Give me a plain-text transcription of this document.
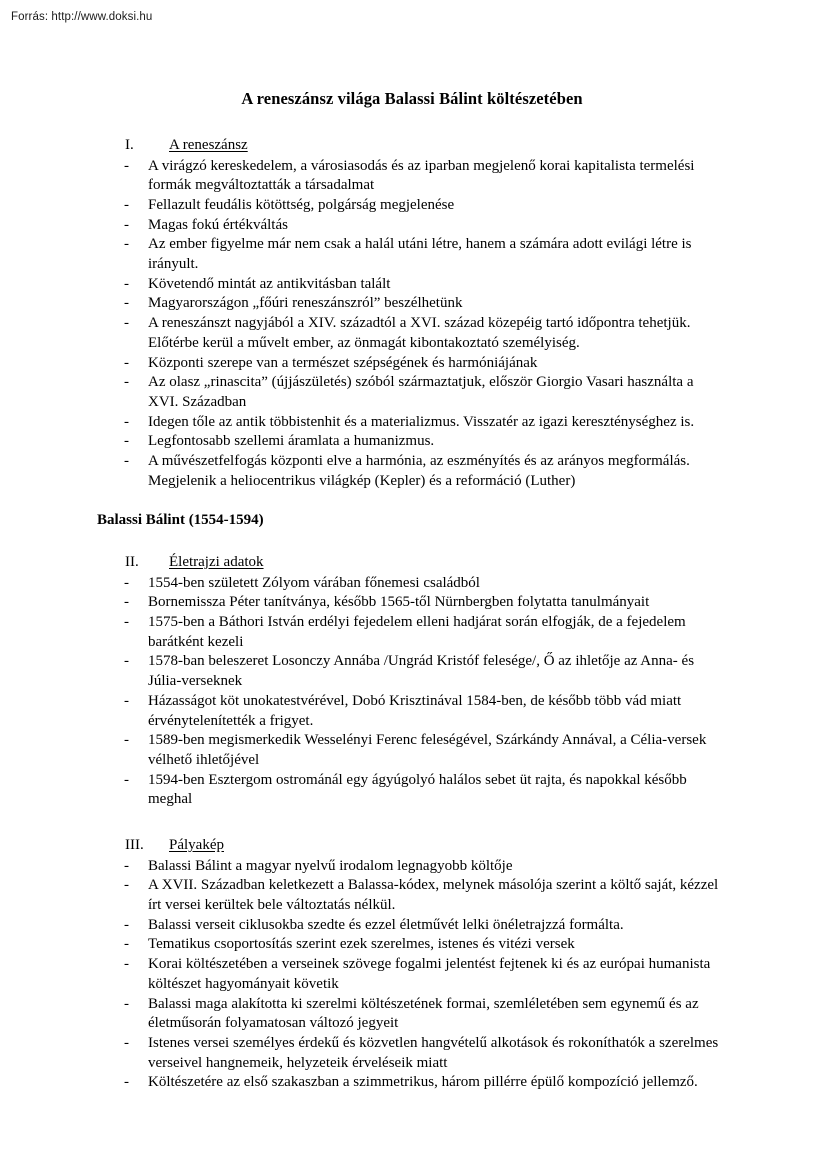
Forrás: http://www.doksi.hu
A reneszánsz világa Balassi Bálint költészetében
I.	A reneszánsz
-	A virágzó kereskedelem, a városiasodás és az iparban megjelenő korai kapitalista termelési formák megváltoztatták a társadalmat
-	Fellazult feudális kötöttség, polgárság megjelenése
-	Magas fokú értékváltás
-	Az ember figyelme már nem csak a halál utáni létre, hanem a számára adott evilági létre is irányult.
-	Követendő mintát az antikvitásban talált
-	Magyarországon „főúri reneszánszról” beszélhetünk
-	A reneszánszt nagyjából a XIV. századtól a XVI. század közepéig tartó időpontra tehetjük. Előtérbe kerül a művelt ember, az önmagát kibontakoztató személyiség.
-	Központi szerepe van a természet szépségének és harmóniájának
-	Az olasz „rinascita” (újjászületés) szóból származtatjuk, először Giorgio Vasari használta a XVI. Században
-	Idegen tőle az antik többistenhit és a materializmus. Visszatér az igazi kereszténységhez is.
-	Legfontosabb szellemi áramlata a humanizmus.
-	A művészetfelfogás központi elve a harmónia, az eszményítés és az arányos megformálás. Megjelenik a heliocentrikus világkép (Kepler) és a reformáció (Luther)
Balassi Bálint (1554-1594)
II.	Életrajzi adatok
-	1554-ben született Zólyom várában főnemesi családból
-	Bornemissza Péter tanítványa, később 1565-től Nürnbergben folytatta tanulmányait
-	1575-ben a Báthori István erdélyi fejedelem elleni hadjárat során elfogják, de a fejedelem barátként kezeli
-	1578-ban beleszeret Losonczy Annába /Ungrád Kristóf felesége/, Ő az ihletője az Anna- és Júlia-verseknek
-	Házasságot köt unokatestvérével, Dobó Krisztinával 1584-ben, de később több vád miatt érvénytelenítették a frigyet.
-	1589-ben megismerkedik Wesselényi Ferenc feleségével, Szárkándy Annával, a Célia-versek vélhető ihletőjével
-	1594-ben Esztergom ostrománál egy ágyúgolyó halálos sebet üt rajta, és napokkal később meghal
III.	Pályakép
-	Balassi Bálint a magyar nyelvű irodalom legnagyobb költője
-	A XVII. Században keletkezett a Balassa-kódex, melynek másolója szerint a költő saját, kézzel írt versei kerültek bele változtatás nélkül.
-	Balassi verseit ciklusokba szedte és ezzel életművét lelki önéletrajzzá formálta.
-	Tematikus csoportosítás szerint ezek szerelmes, istenes és vitézi versek
-	Korai költészetében a verseinek szövege fogalmi jelentést fejtenek ki és az európai humanista költészet hagyományait követik
-	Balassi maga alakította ki szerelmi költészetének formai, szemléletében sem egynemű és az életműsorán folyamatosan változó jegyeit
-	Istenes versei személyes érdekű és közvetlen hangvételű alkotások és rokoníthatók a szerelmes verseivel hangnemeik, helyzeteik érveléseik miatt
-	Költészetére az első szakaszban a szimmetrikus, három pillérre épülő kompozíció jellemző.
